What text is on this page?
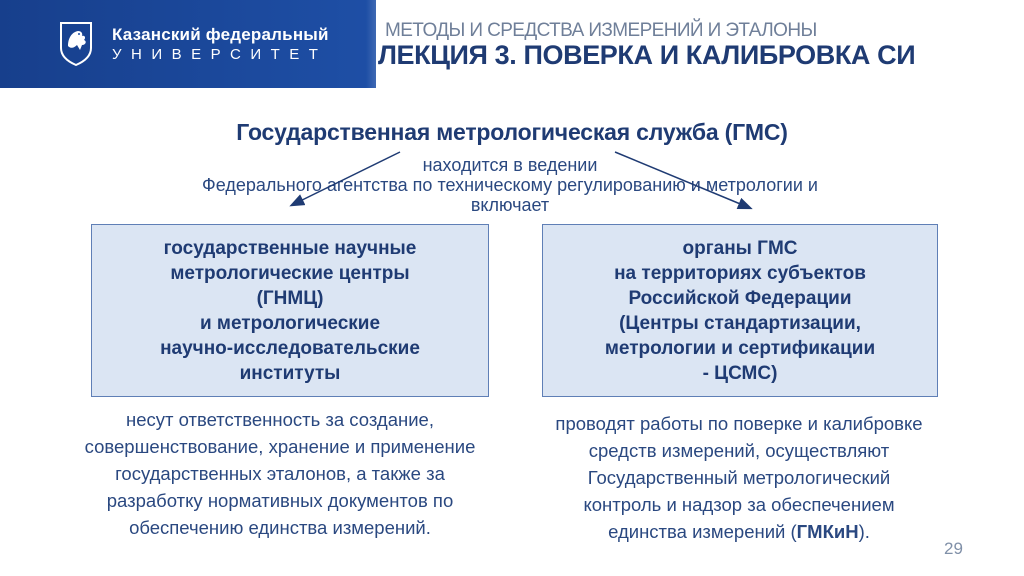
Казанский федеральный
УНИВЕРСИТЕТ
МЕТОДЫ И СРЕДСТВА ИЗМЕРЕНИЙ И ЭТАЛОНЫ
ЛЕКЦИЯ 3. ПОВЕРКА И КАЛИБРОВКА СИ
Государственная метрологическая служба (ГМС)
находится в ведении
Федерального агентства по техническому регулированию и метрологии и
включает
государственные научные
метрологические центры
(ГНМЦ)
и метрологические
научно-исследовательские
институты
органы ГМС
на территориях субъектов
Российской Федерации
(Центры стандартизации,
метрологии и сертификации
- ЦСМС)
несут ответственность за создание,
совершенствование, хранение и применение
государственных эталонов, а также за
разработку нормативных документов по
обеспечению единства измерений.
проводят работы по поверке и калибровке
средств измерений, осуществляют
Государственный метрологический
контроль и надзор за обеспечением
единства измерений (ГМКиН).
29
